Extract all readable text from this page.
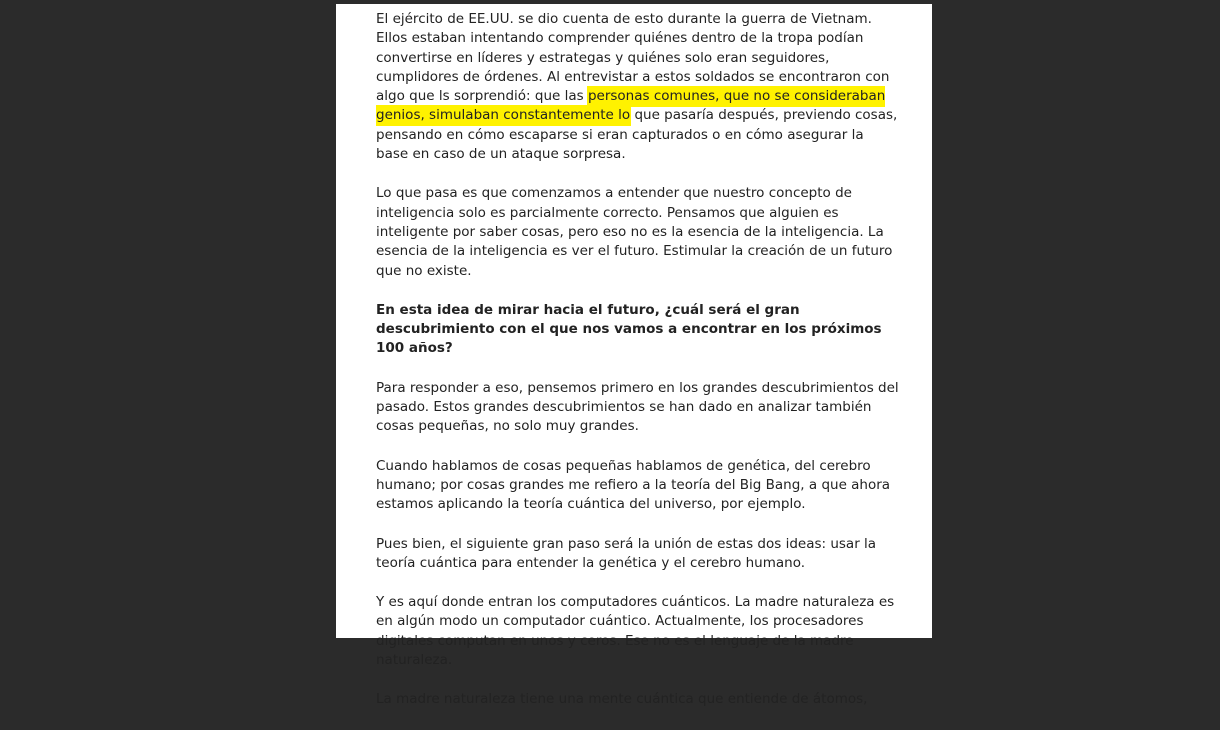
El ejército de EE.UU. se dio cuenta de esto durante la guerra de Vietnam. Ellos estaban intentando comprender quiénes dentro de la tropa podían convertirse en líderes y estrategas y quiénes solo eran seguidores, cumplidores de órdenes. Al entrevistar a estos soldados se encontraron con algo que ls sorprendió: que las personas comunes, que no se consideraban genios, simulaban constantemente lo que pasaría después, previendo cosas, pensando en cómo escaparse si eran capturados o en cómo asegurar la base en caso de un ataque sorpresa.

Lo que pasa es que comenzamos a entender que nuestro concepto de inteligencia solo es parcialmente correcto. Pensamos que alguien es inteligente por saber cosas, pero eso no es la esencia de la inteligencia. La esencia de la inteligencia es ver el futuro. Estimular la creación de un futuro que no existe.

En esta idea de mirar hacia el futuro, ¿cuál será el gran descubrimiento con el que nos vamos a encontrar en los próximos 100 años?

Para responder a eso, pensemos primero en los grandes descubrimientos del pasado. Estos grandes descubrimientos se han dado en analizar también cosas pequeñas, no solo muy grandes.

Cuando hablamos de cosas pequeñas hablamos de genética, del cerebro humano; por cosas grandes me refiero a la teoría del Big Bang, a que ahora estamos aplicando la teoría cuántica del universo, por ejemplo.

Pues bien, el siguiente gran paso será la unión de estas dos ideas: usar la teoría cuántica para entender la genética y el cerebro humano.

Y es aquí donde entran los computadores cuánticos. La madre naturaleza es en algún modo un computador cuántico. Actualmente, los procesadores digitales computan en unos y ceros. Ese no es el lenguaje de la madre naturaleza.

La madre naturaleza tiene una mente cuántica que entiende de átomos,
